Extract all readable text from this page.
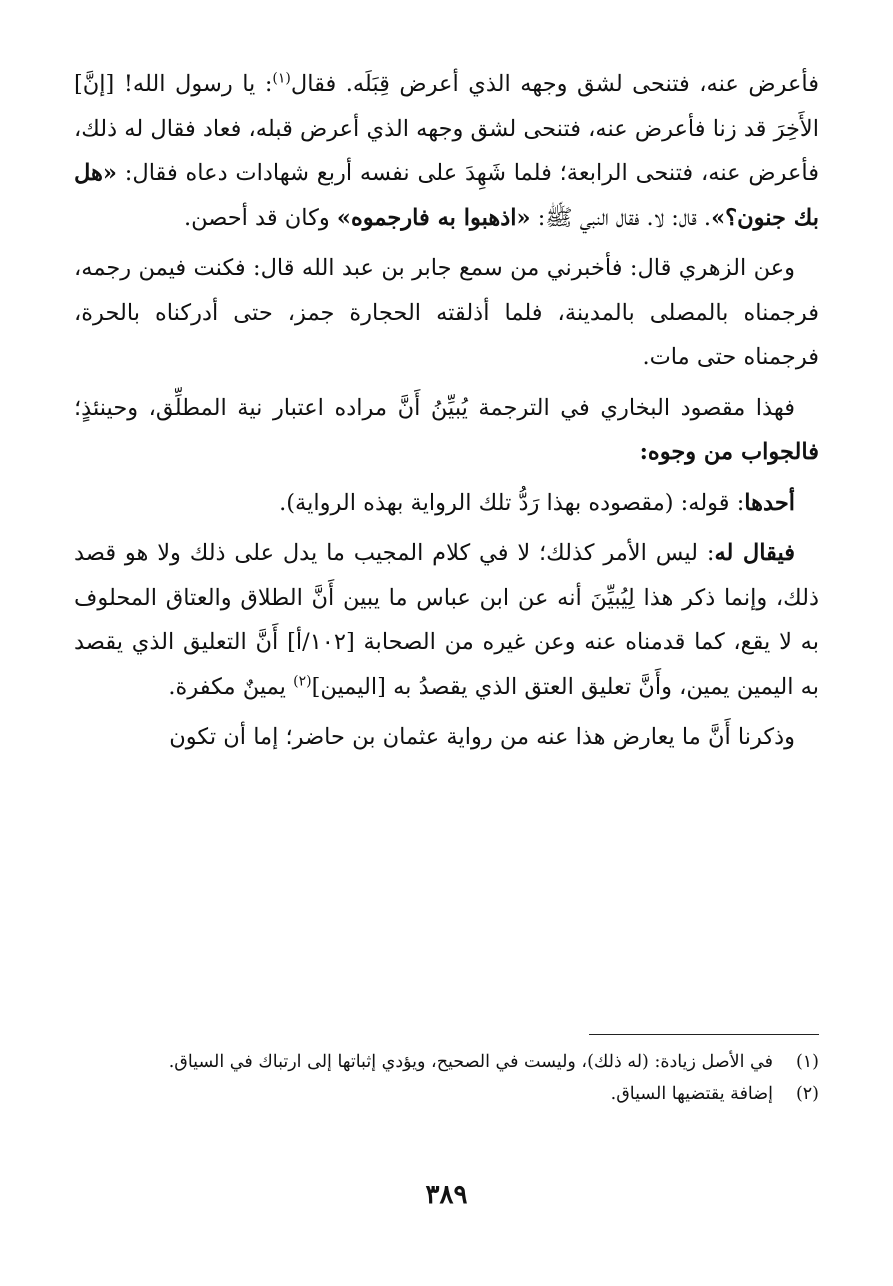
فأعرض عنه، فتنحى لشق وجهه الذي أعرض قِبَلَه. فقال$^{(١)}$: يا رسول الله! [إنَّ] الأَخِرَ قد زنا فأعرض عنه، فتنحى لشق وجهه الذي أعرض قبله، فعاد فقال له ذلك، فأعرض عنه، فتنحى الرابعة؛ فلما شَهِدَ على نفسه أربع شهادات دعاه فقال: «هل بك جنون؟». قال: لا. فقال النبي ﷺ: «اذهبوا به فارجموه» وكان قد أحصن.

وعن الزهري قال: فأخبرني من سمع جابر بن عبد الله قال: فكنت فيمن رجمه، فرجمناه بالمصلى بالمدينة، فلما أذلقته الحجارة جمز، حتى أدركناه بالحرة، فرجمناه حتى مات.

فهذا مقصود البخاري في الترجمة يُبيِّنُ أَنَّ مراده اعتبار نية المطلِّق، وحينئذٍ؛ فالجواب من وجوه:

أحدها: قوله: (مقصوده بهذا رَدُّ تلك الرواية بهذه الرواية).

فيقال له: ليس الأمر كذلك؛ لا في كلام المجيب ما يدل على ذلك ولا هو قصد ذلك، وإنما ذكر هذا لِيُبيِّنَ أنه عن ابن عباس ما يبين أَنَّ الطلاق والعتاق المحلوف به لا يقع، كما قدمناه عنه وعن غيره من الصحابة [١٠٢/أ] أَنَّ التعليق الذي يقصد به اليمين يمين، وأَنَّ تعليق العتق الذي يقصدُ به [اليمين]$^{(٢)}$ يمينٌ مكفرة.

وذكرنا أَنَّ ما يعارض هذا عنه من رواية عثمان بن حاضر؛ إما أن تكون

(١)
في الأصل زيادة: (له ذلك)، وليست في الصحيح، ويؤدي إثباتها إلى ارتباك في السياق.
(٢)
إضافة يقتضيها السياق.
٣٨٩
